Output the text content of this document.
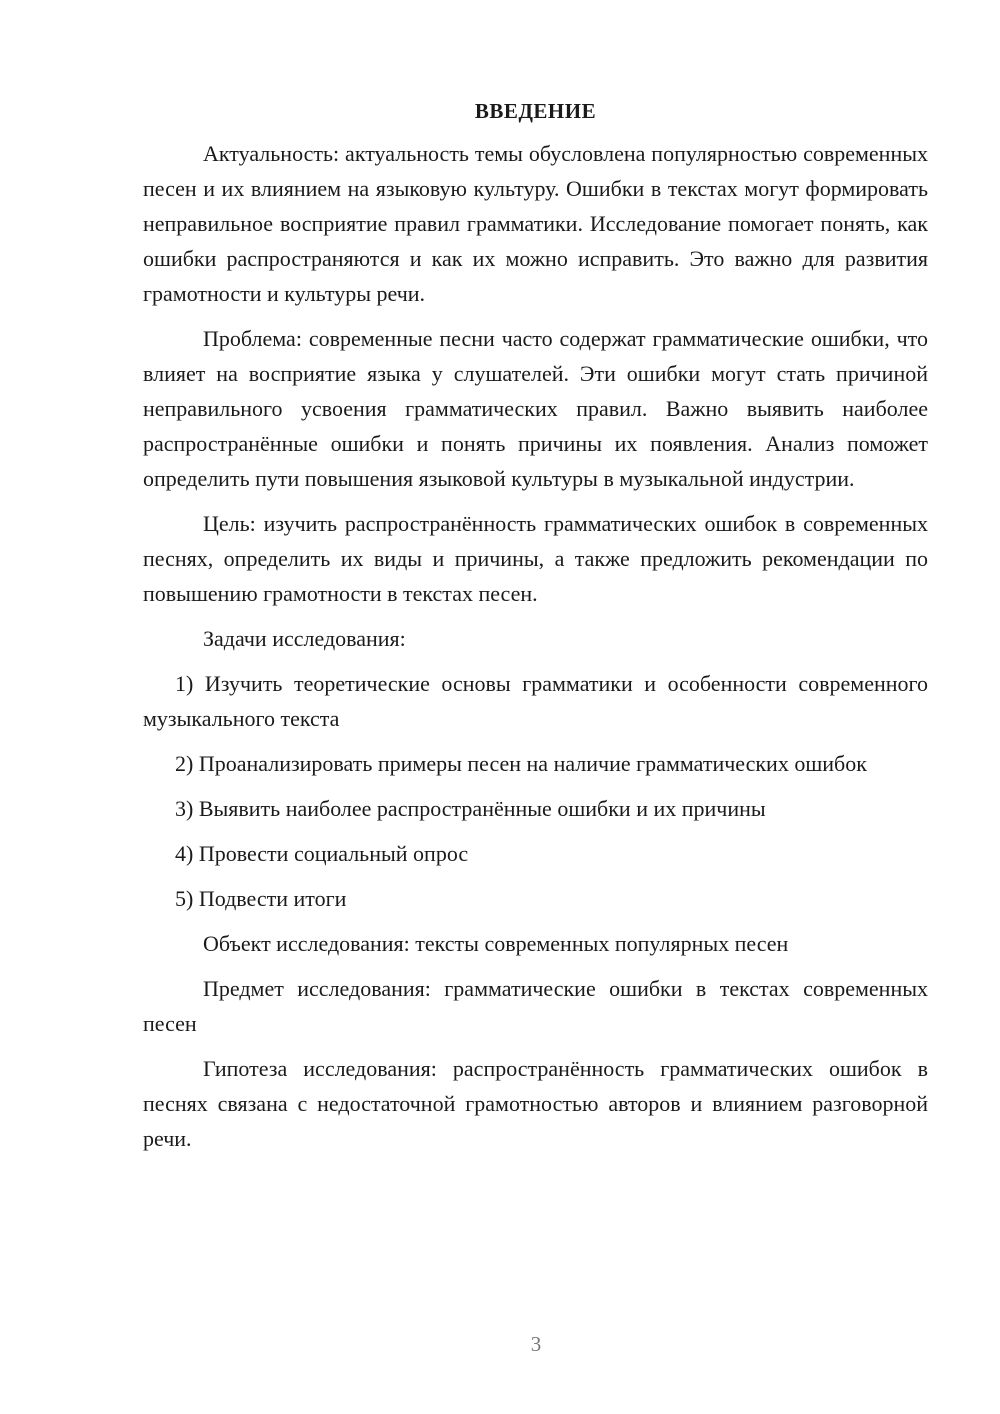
ВВЕДЕНИЕ

Актуальность: актуальность темы обусловлена популярностью современных песен и их влиянием на языковую культуру. Ошибки в текстах могут формировать неправильное восприятие правил грамматики. Исследование помогает понять, как ошибки распространяются и как их можно исправить. Это важно для развития грамотности и культуры речи.

Проблема: современные песни часто содержат грамматические ошибки, что влияет на восприятие языка у слушателей. Эти ошибки могут стать причиной неправильного усвоения грамматических правил. Важно выявить наиболее распространённые ошибки и понять причины их появления. Анализ поможет определить пути повышения языковой культуры в музыкальной индустрии.

Цель: изучить распространённость грамматических ошибок в современных песнях, определить их виды и причины, а также предложить рекомендации по повышению грамотности в текстах песен.

Задачи исследования:

1) Изучить теоретические основы грамматики и особенности современного музыкального текста

2) Проанализировать примеры песен на наличие грамматических ошибок

3) Выявить наиболее распространённые ошибки и их причины

4) Провести социальный опрос

5) Подвести итоги

Объект исследования: тексты современных популярных песен

Предмет исследования: грамматические ошибки в текстах современных песен

Гипотеза исследования: распространённость грамматических ошибок в песнях связана с недостаточной грамотностью авторов и влиянием разговорной речи.

3
